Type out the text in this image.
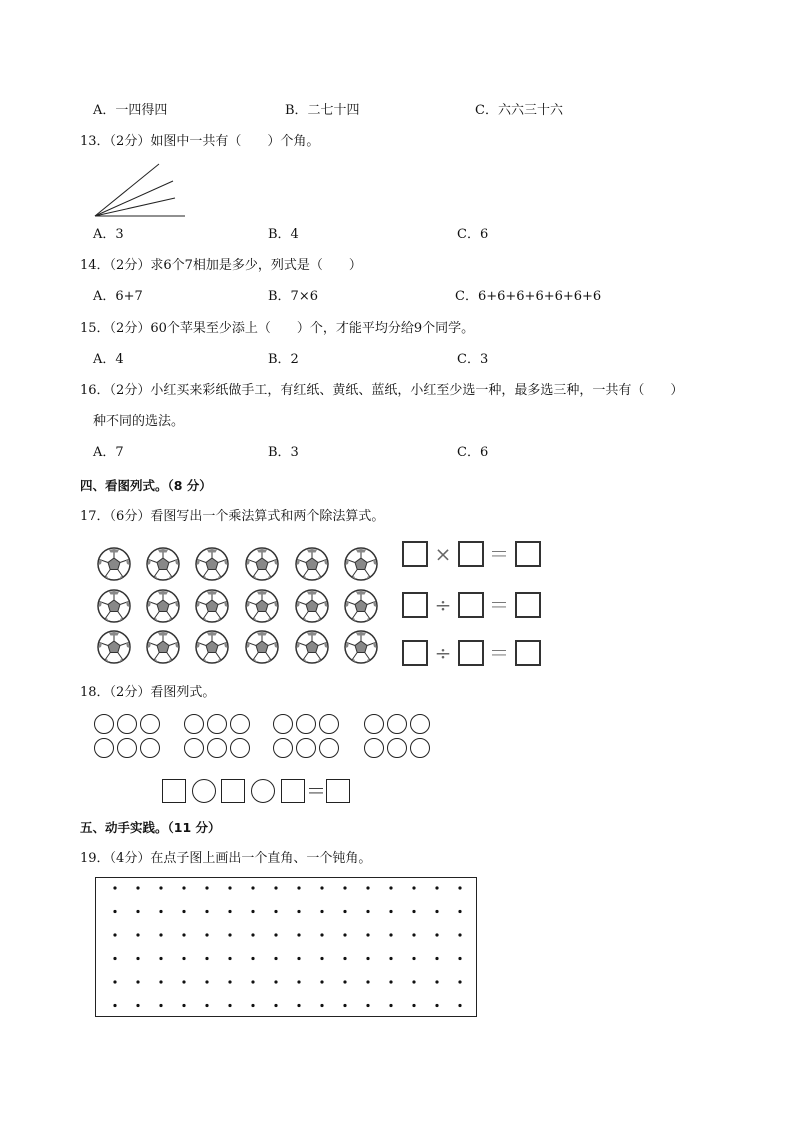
A．一四得四	B．二七十四	C．六六三十六
13．（2分）如图中一共有（　　）个角。
A．3	B．4	C．6
14．（2分）求6个7相加是多少，列式是（　　）
A．6+7	B．7×6	C．6+6+6+6+6+6+6
15．（2分）60个苹果至少添上（　　）个，才能平均分给9个同学。
A．4	B．2	C．3
16．（2分）小红买来彩纸做手工，有红纸、黄纸、蓝纸，小红至少选一种，最多选三种，一共有（　　）
种不同的选法。
A．7	B．3	C．6
四、看图列式。（8 分）
17．（6分）看图写出一个乘法算式和两个除法算式。
× ＝
÷ ＝
÷ ＝
18．（2分）看图列式。
＝
五、动手实践。（11 分）
19．（4分）在点子图上画出一个直角、一个钝角。
